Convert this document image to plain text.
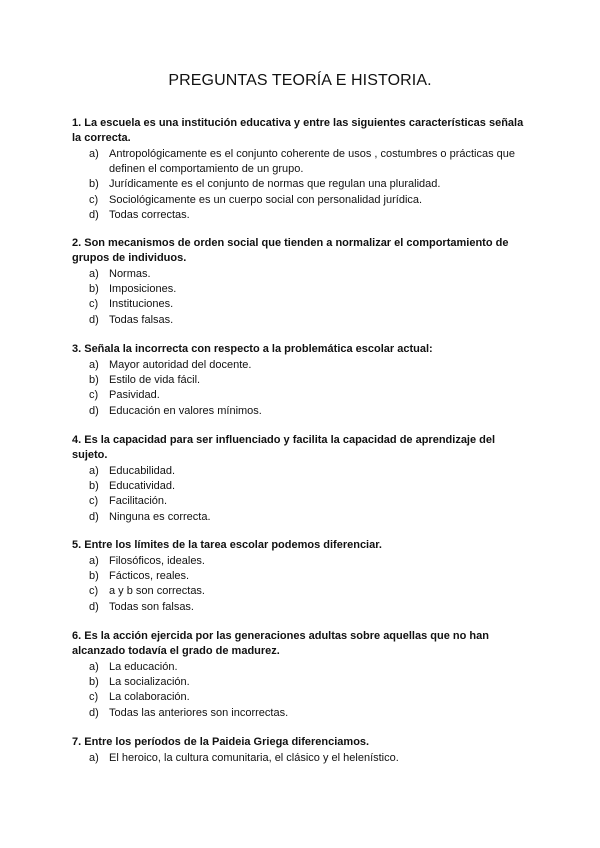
PREGUNTAS TEORÍA E HISTORIA.

1. La escuela es una institución educativa y entre las siguientes características señala la correcta.

a) Antropológicamente es el conjunto coherente de usos , costumbres o prácticas que definen el comportamiento de un grupo.
b) Jurídicamente es el conjunto de normas que regulan una pluralidad.
c) Sociológicamente es un cuerpo social con personalidad jurídica.
d) Todas correctas.

2. Son mecanismos de orden social que tienden a normalizar el comportamiento de grupos de individuos.

a) Normas.
b) Imposiciones.
c) Instituciones.
d) Todas falsas.

3. Señala la incorrecta con respecto a la problemática escolar actual:

a) Mayor autoridad del docente.
b) Estilo de vida fácil.
c) Pasividad.
d) Educación en valores mínimos.

4. Es la capacidad para ser influenciado y facilita la capacidad de aprendizaje del sujeto.

a) Educabilidad.
b) Educatividad.
c) Facilitación.
d) Ninguna es correcta.

5. Entre los límites de la tarea escolar podemos diferenciar.

a) Filosóficos, ideales.
b) Fácticos, reales.
c) a y b son correctas.
d) Todas son falsas.

6. Es la acción ejercida por las generaciones adultas sobre aquellas que no han alcanzado todavía el grado de madurez.

a) La educación.
b) La socialización.
c) La colaboración.
d) Todas las anteriores son incorrectas.

7. Entre los períodos de la Paideia Griega diferenciamos.

a) El heroico, la cultura comunitaria, el clásico y el helenístico.
